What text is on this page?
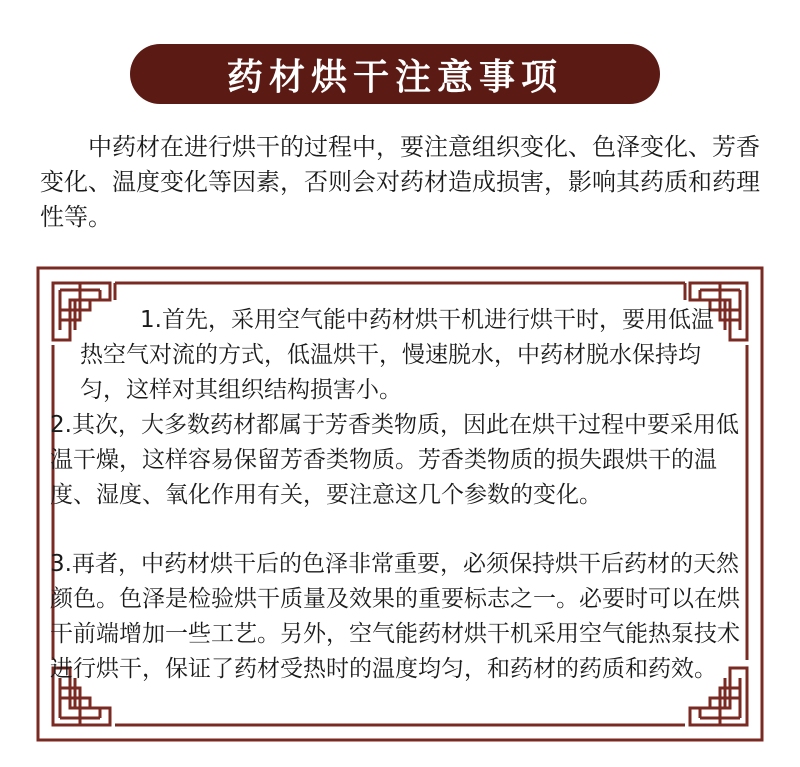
药材烘干注意事项

中药材在进行烘干的过程中，要注意组织变化、色泽变化、芳香变化、温度变化等因素，否则会对药材造成损害，影响其药质和药理性等。

1.首先，采用空气能中药材烘干机进行烘干时，要用低温热空气对流的方式，低温烘干，慢速脱水，中药材脱水保持均匀，这样对其组织结构损害小。

2.其次，大多数药材都属于芳香类物质，因此在烘干过程中要采用低温干燥，这样容易保留芳香类物质。芳香类物质的损失跟烘干的温度、湿度、氧化作用有关，要注意这几个参数的变化。

3.再者，中药材烘干后的色泽非常重要，必须保持烘干后药材的天然颜色。色泽是检验烘干质量及效果的重要标志之一。必要时可以在烘干前端增加一些工艺。另外，空气能药材烘干机采用空气能热泵技术进行烘干，保证了药材受热时的温度均匀，和药材的药质和药效。
